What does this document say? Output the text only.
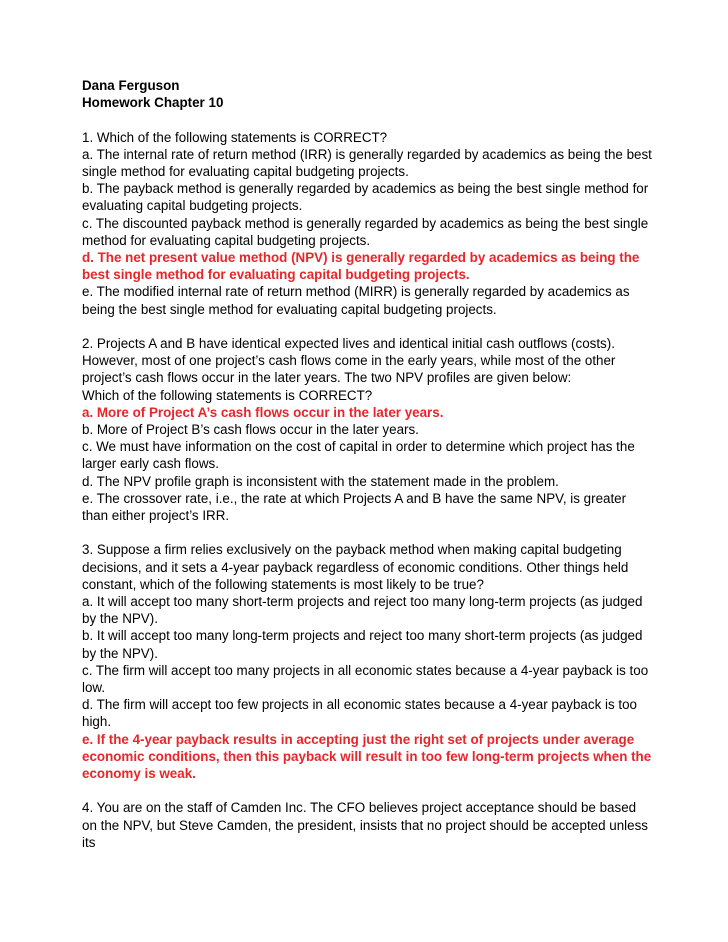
Dana Ferguson

Homework Chapter 10

1. Which of the following statements is CORRECT?

a. The internal rate of return method (IRR) is generally regarded by academics as being the best single method for evaluating capital budgeting projects.

b. The payback method is generally regarded by academics as being the best single method for evaluating capital budgeting projects.

c. The discounted payback method is generally regarded by academics as being the best single method for evaluating capital budgeting projects.

d. The net present value method (NPV) is generally regarded by academics as being the best single method for evaluating capital budgeting projects.

e. The modified internal rate of return method (MIRR) is generally regarded by academics as being the best single method for evaluating capital budgeting projects.

2. Projects A and B have identical expected lives and identical initial cash outflows (costs). However, most of one project’s cash flows come in the early years, while most of the other project’s cash flows occur in the later years. The two NPV profiles are given below:

Which of the following statements is CORRECT?

a. More of Project A’s cash flows occur in the later years.

b. More of Project B’s cash flows occur in the later years.

c. We must have information on the cost of capital in order to determine which project has the larger early cash flows.

d. The NPV profile graph is inconsistent with the statement made in the problem.

e. The crossover rate, i.e., the rate at which Projects A and B have the same NPV, is greater than either project’s IRR.

3. Suppose a firm relies exclusively on the payback method when making capital budgeting decisions, and it sets a 4-year payback regardless of economic conditions. Other things held constant, which of the following statements is most likely to be true?

a. It will accept too many short-term projects and reject too many long-term projects (as judged by the NPV).

b. It will accept too many long-term projects and reject too many short-term projects (as judged by the NPV).

c. The firm will accept too many projects in all economic states because a 4-year payback is too low.

d. The firm will accept too few projects in all economic states because a 4-year payback is too high.

e. If the 4-year payback results in accepting just the right set of projects under average economic conditions, then this payback will result in too few long-term projects when the economy is weak.

4. You are on the staff of Camden Inc. The CFO believes project acceptance should be based on the NPV, but Steve Camden, the president, insists that no project should be accepted unless its
